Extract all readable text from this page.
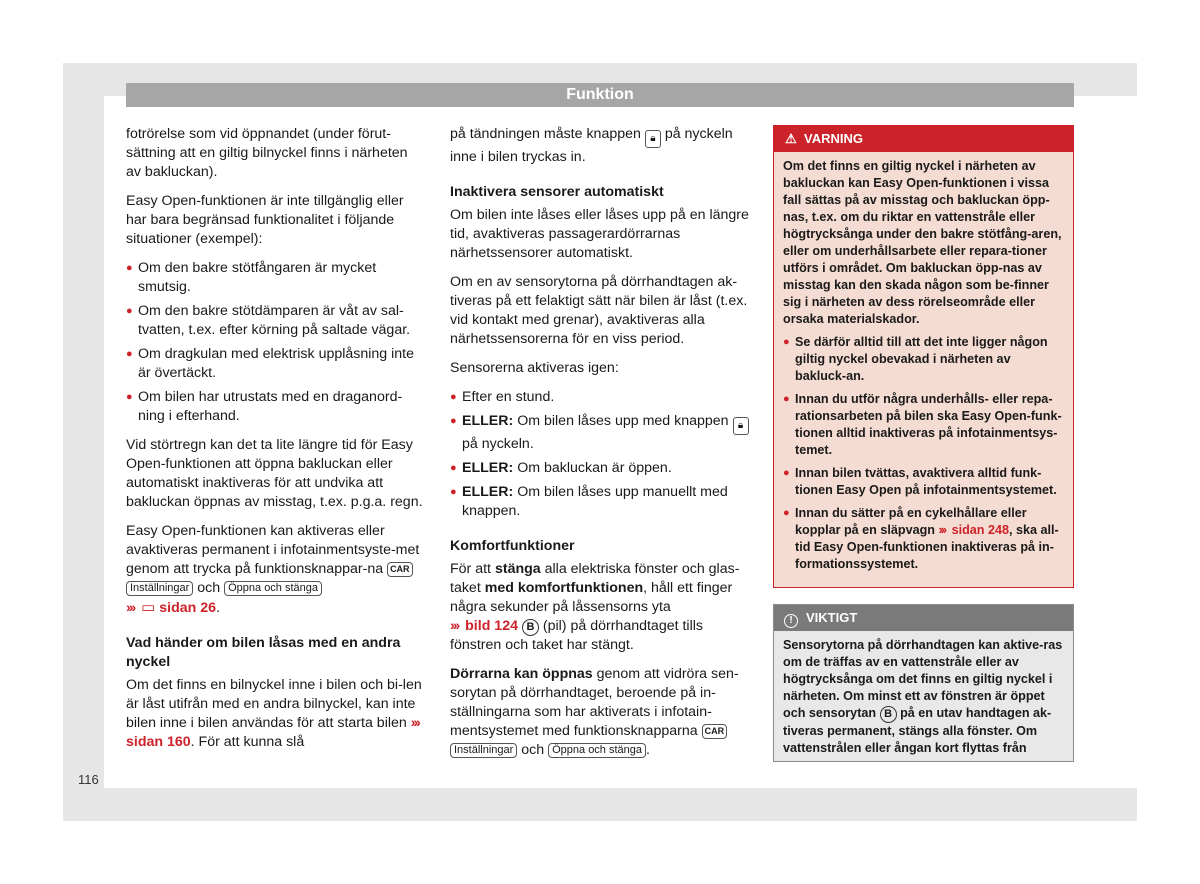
Funktion

fotrörelse som vid öppnandet (under förut-sättning att en giltig bilnyckel finns i närheten av bakluckan).

Easy Open-funktionen är inte tillgänglig eller har bara begränsad funktionalitet i följande situationer (exempel):

● Om den bakre stötfångaren är mycket smutsig.
● Om den bakre stötdämparen är våt av sal-tvatten, t.ex. efter körning på saltade vägar.
● Om dragkulan med elektrisk upplåsning inte är övertäckt.
● Om bilen har utrustats med en draganord-ning i efterhand.

Vid störtregn kan det ta lite längre tid för Easy Open-funktionen att öppna bakluckan eller automatiskt inaktiveras för att undvika att bakluckan öppnas av misstag, t.ex. p.g.a. regn.

Easy Open-funktionen kan aktiveras eller avaktiveras permanent i infotainmentsyste-met genom att trycka på funktionsknappar-na CAR Inställningar och Öppna och stänga
››› ▭ sidan 26.

Vad händer om bilen låsas med en andra nyckel

Om det finns en bilnyckel inne i bilen och bi-len är låst utifrån med en andra bilnyckel, kan inte bilen inne i bilen användas för att starta bilen ››› sidan 160. För att kunna slå

på tändningen måste knappen 🔒︎ på nyckeln inne i bilen tryckas in.

Inaktivera sensorer automatiskt

Om bilen inte låses eller låses upp på en längre tid, avaktiveras passagerardörrarnas närhetssensorer automatiskt.

Om en av sensorytorna på dörrhandtagen ak-tiveras på ett felaktigt sätt när bilen är låst (t.ex. vid kontakt med grenar), avaktiveras alla närhetssensorerna för en viss period.

Sensorerna aktiveras igen:

● Efter en stund.
● ELLER: Om bilen låses upp med knappen 🔒︎ på nyckeln.
● ELLER: Om bakluckan är öppen.
● ELLER: Om bilen låses upp manuellt med knappen.

Komfortfunktioner

För att stänga alla elektriska fönster och glas-taket med komfortfunktionen, håll ett finger några sekunder på låssensorns yta
››› bild 124 B (pil) på dörrhandtaget tills fönstren och taket har stängt.

Dörrarna kan öppnas genom att vidröra sen-sorytan på dörrhandtaget, beroende på in-ställningarna som har aktiverats i infotain-mentsystemet med funktionsknapparna CAR Inställningar och Öppna och stänga .

⚠ VARNING

Om det finns en giltig nyckel i närheten av bakluckan kan Easy Open-funktionen i vissa fall sättas på av misstag och bakluckan öpp-nas, t.ex. om du riktar en vattenstråle eller högtrycksånga under den bakre stötfång-aren, eller om underhållsarbete eller repara-tioner utförs i området. Om bakluckan öpp-nas av misstag kan den skada någon som be-finner sig i närheten av dess rörelseområde eller orsaka materialskador.

● Se därför alltid till att det inte ligger någon giltig nyckel obevakad i närheten av bakluck-an.
● Innan du utför några underhålls- eller repa-rationsarbeten på bilen ska Easy Open-funk-tionen alltid inaktiveras på infotainmentsys-temet.
● Innan bilen tvättas, avaktivera alltid funk-tionen Easy Open på infotainmentsystemet.
● Innan du sätter på en cykelhållare eller kopplar på en släpvagn ››› sidan 248, ska all-tid Easy Open-funktionen inaktiveras på in-formationssystemet.
! VIKTIGT
Sensorytorna på dörrhandtagen kan aktive-ras om de träffas av en vattenstråle eller av högtrycksånga om det finns en giltig nyckel i närheten. Om minst ett av fönstren är öppet och sensorytan B på en utav handtagen ak-tiveras permanent, stängs alla fönster. Om vattenstrålen eller ångan kort flyttas från
116
